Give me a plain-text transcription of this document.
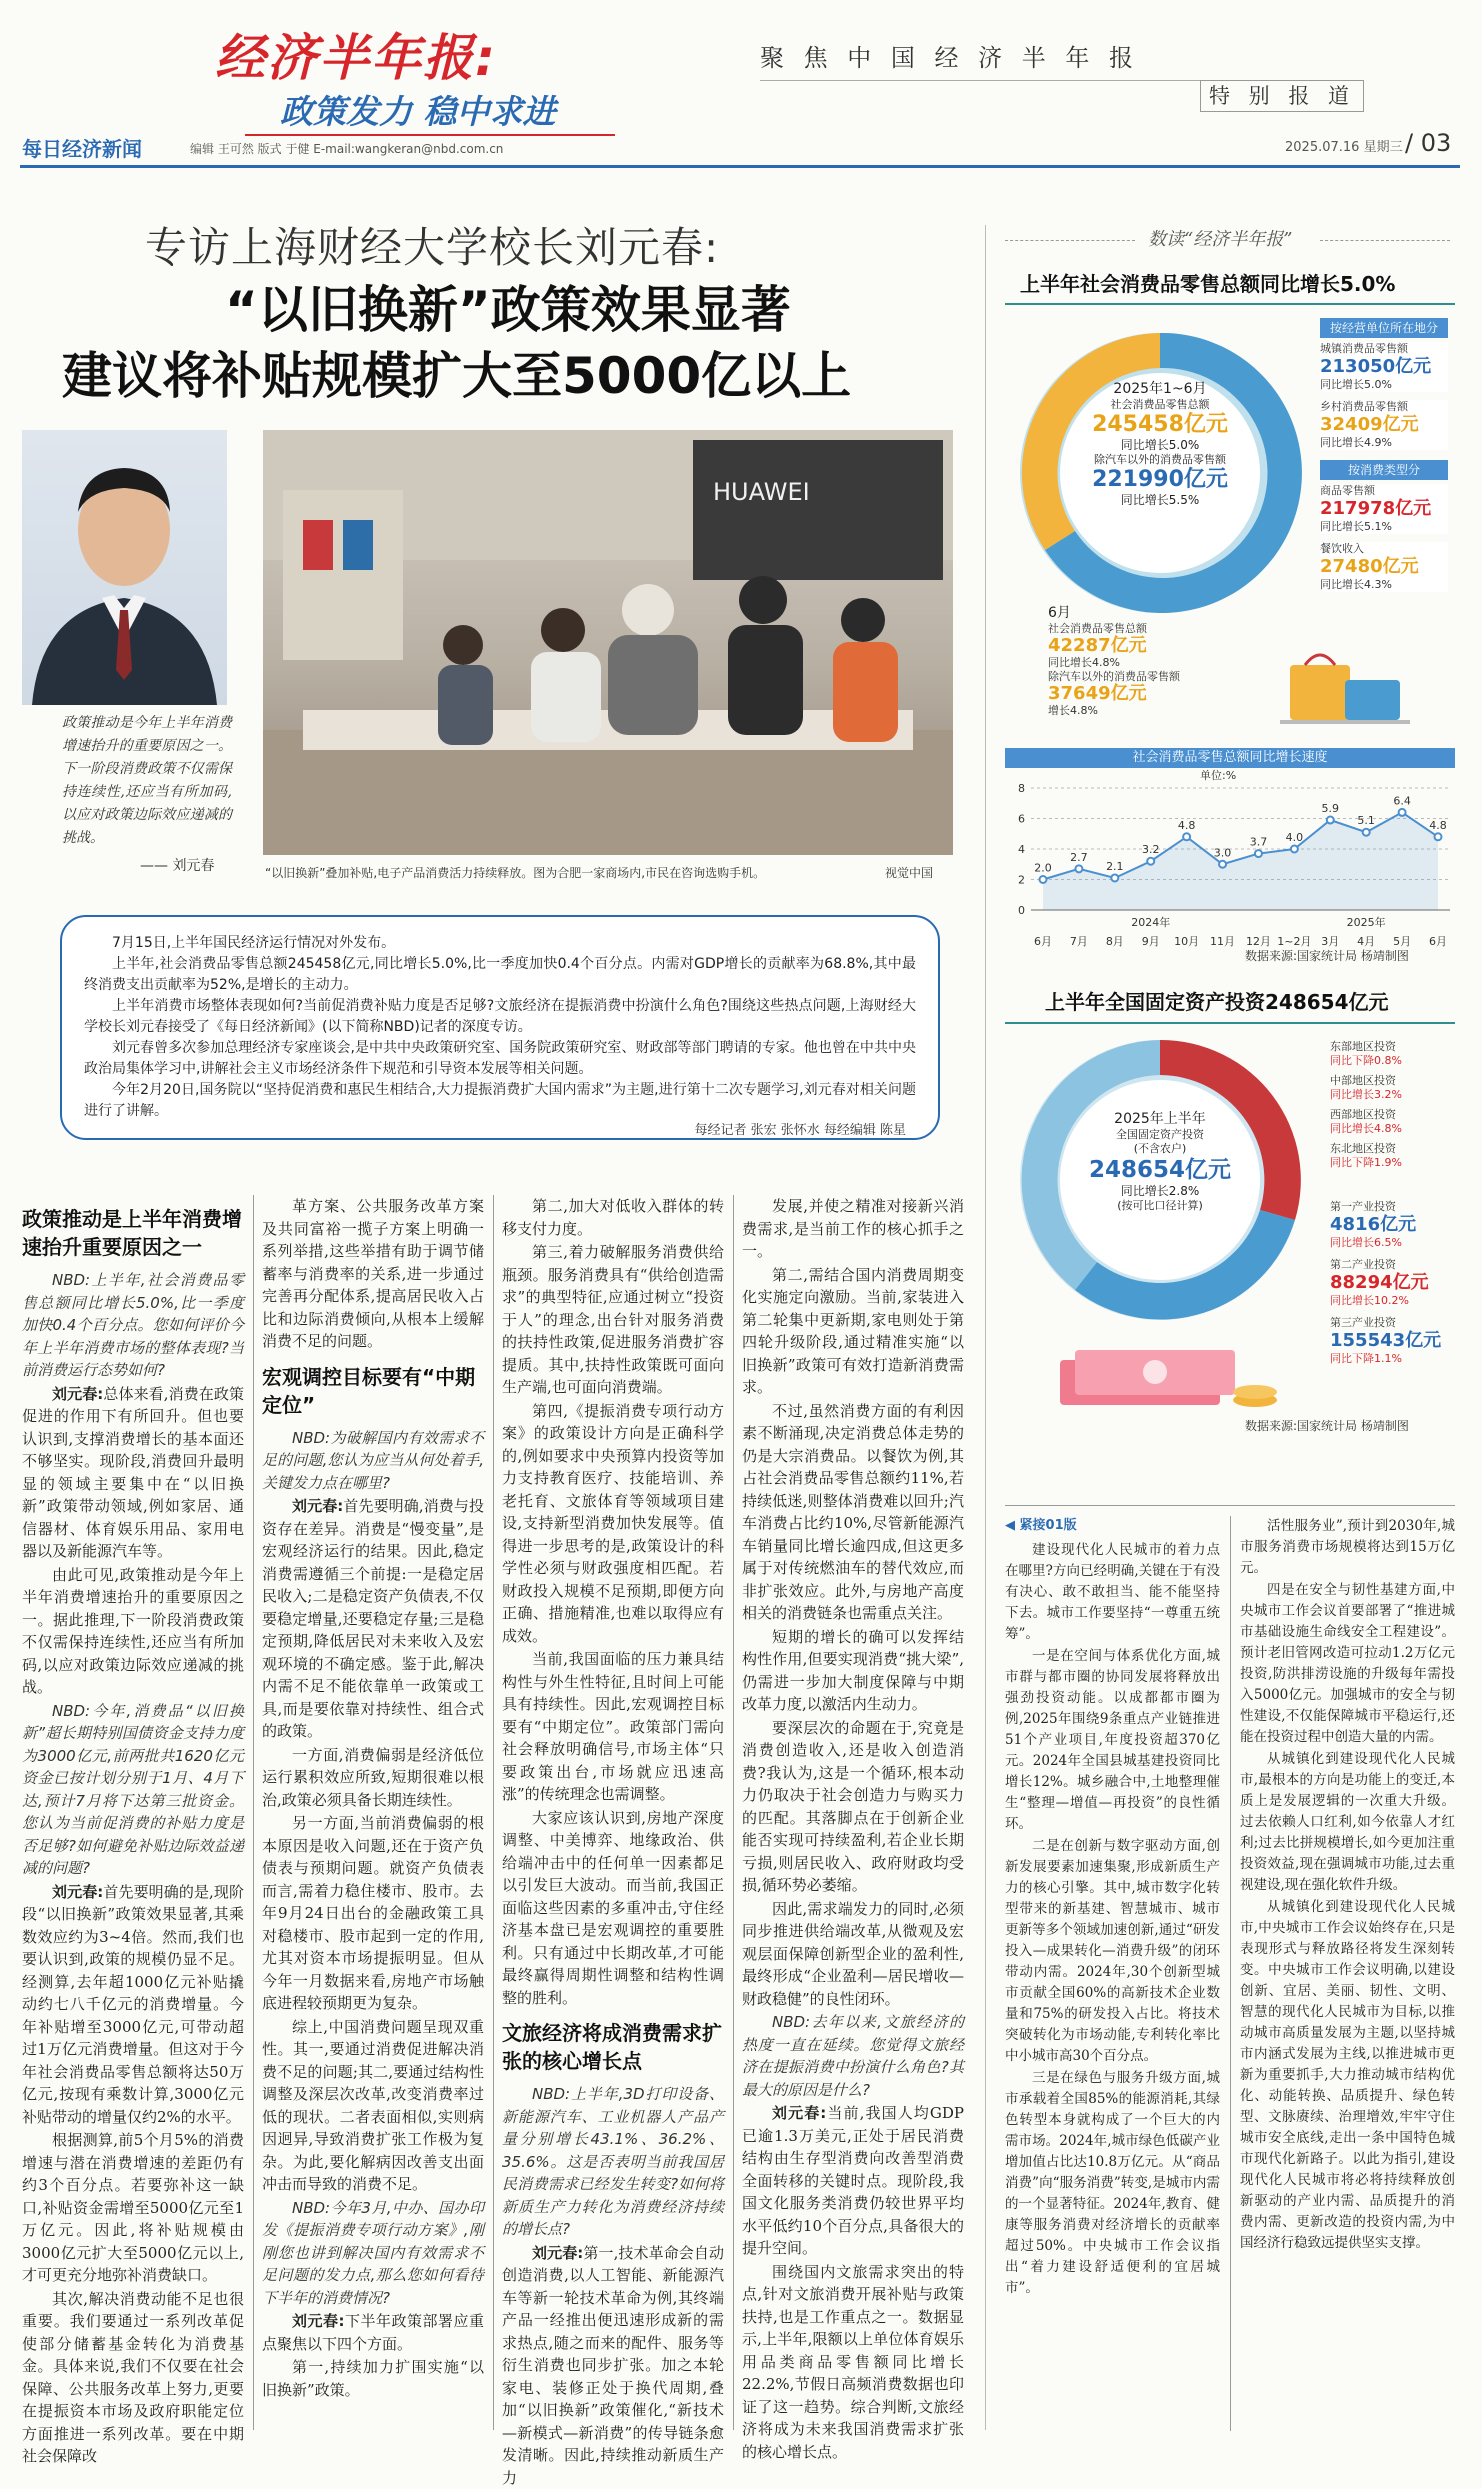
经济半年报:
政策发力 稳中求进
聚 焦 中 国 经 济 半 年 报
特 别 报 道
每日经济新闻	编辑 王可然 版式 于健 E-mail:wangkeran@nbd.com.cn	2025.07.16 星期三 / 03
专访上海财经大学校长刘元春:
“以旧换新”政策效果显著
建议将补贴规模扩大至5000亿以上
政策推动是今年上半年消费增速抬升的重要原因之一。下一阶段消费政策不仅需保持连续性,还应当有所加码,以应对政策边际效应递减的挑战。
—— 刘元春
HUAWEI
“以旧换新”叠加补贴,电子产品消费活力持续释放。图为合肥一家商场内,市民在咨询选购手机。	视觉中国

7月15日,上半年国民经济运行情况对外发布。

上半年,社会消费品零售总额245458亿元,同比增长5.0%,比一季度加快0.4个百分点。内需对GDP增长的贡献率为68.8%,其中最终消费支出贡献率为52%,是增长的主动力。

上半年消费市场整体表现如何?当前促消费补贴力度是否足够?文旅经济在提振消费中扮演什么角色?围绕这些热点问题,上海财经大学校长刘元春接受了《每日经济新闻》(以下简称NBD)记者的深度专访。

刘元春曾多次参加总理经济专家座谈会,是中共中央政策研究室、国务院政策研究室、财政部等部门聘请的专家。他也曾在中共中央政治局集体学习中,讲解社会主义市场经济条件下规范和引导资本发展等相关问题。

今年2月20日,国务院以“坚持促消费和惠民生相结合,大力提振消费扩大国内需求”为主题,进行第十二次专题学习,刘元春对相关问题进行了讲解。

每经记者 张宏 张怀水 每经编辑 陈星
政策推动是上半年消费增速抬升重要原因之一

NBD:上半年,社会消费品零售总额同比增长5.0%,比一季度加快0.4个百分点。您如何评价今年上半年消费市场的整体表现?当前消费运行态势如何?

刘元春:总体来看,消费在政策促进的作用下有所回升。但也要认识到,支撑消费增长的基本面还不够坚实。现阶段,消费回升最明显的领域主要集中在“以旧换新”政策带动领域,例如家居、通信器材、体育娱乐用品、家用电器以及新能源汽车等。

由此可见,政策推动是今年上半年消费增速抬升的重要原因之一。据此推理,下一阶段消费政策不仅需保持连续性,还应当有所加码,以应对政策边际效应递减的挑战。

NBD:今年,消费品“以旧换新”超长期特别国债资金支持力度为3000亿元,前两批共1620亿元资金已按计划分别于1月、4月下达,预计7月将下达第三批资金。您认为当前促消费的补贴力度是否足够?如何避免补贴边际效益递减的问题?

刘元春:首先要明确的是,现阶段“以旧换新”政策效果显著,其乘数效应约为3~4倍。然而,我们也要认识到,政策的规模仍显不足。经测算,去年超1000亿元补贴撬动约七八千亿元的消费增量。今年补贴增至3000亿元,可带动超过1万亿元消费增量。但这对于今年社会消费品零售总额将达50万亿元,按现有乘数计算,3000亿元补贴带动的增量仅约2%的水平。

根据测算,前5个月5%的消费增速与潜在消费增速的差距仍有约3个百分点。若要弥补这一缺口,补贴资金需增至5000亿元至1万亿元。因此,将补贴规模由3000亿元扩大至5000亿元以上,才可更充分地弥补消费缺口。

其次,解决消费动能不足也很重要。我们要通过一系列改革促使部分储蓄基金转化为消费基金。具体来说,我们不仅要在社会保障、公共服务改革上努力,更要在提振资本市场及政府职能定位方面推进一系列改革。要在中期社会保障改

革方案、公共服务改革方案及共同富裕一揽子方案上明确一系列举措,这些举措有助于调节储蓄率与消费率的关系,进一步通过完善再分配体系,提高居民收入占比和边际消费倾向,从根本上缓解消费不足的问题。

宏观调控目标要有“中期定位”

NBD:为破解国内有效需求不足的问题,您认为应当从何处着手,关键发力点在哪里?

刘元春:首先要明确,消费与投资存在差异。消费是“慢变量”,是宏观经济运行的结果。因此,稳定消费需遵循三个前提:一是稳定居民收入;二是稳定资产负债表,不仅要稳定增量,还要稳定存量;三是稳定预期,降低居民对未来收入及宏观环境的不确定感。鉴于此,解决内需不足不能依靠单一政策或工具,而是要依靠对持续性、组合式的政策。

一方面,消费偏弱是经济低位运行累积效应所致,短期很难以根治,政策必须具备长期连续性。

另一方面,当前消费偏弱的根本原因是收入问题,还在于资产负债表与预期问题。就资产负债表而言,需着力稳住楼市、股市。去年9月24日出台的金融政策工具对稳楼市、股市起到一定的作用,尤其对资本市场提振明显。但从今年一月数据来看,房地产市场触底进程较预期更为复杂。

综上,中国消费问题呈现双重性。其一,要通过消费促进解决消费不足的问题;其二,要通过结构性调整及深层次改革,改变消费率过低的现状。二者表面相似,实则病因迥异,导致消费扩张工作极为复杂。为此,要化解病因改善支出面冲击而导致的消费不足。

NBD:今年3月,中办、国办印发《提振消费专项行动方案》,刚刚您也讲到解决国内有效需求不足问题的发力点,那么您如何看待下半年的消费情况?

刘元春:下半年政策部署应重点聚焦以下四个方面。

第一,持续加力扩围实施“以旧换新”政策。

第二,加大对低收入群体的转移支付力度。

第三,着力破解服务消费供给瓶颈。服务消费具有“供给创造需求”的典型特征,应通过树立“投资于人”的理念,出台针对服务消费的扶持性政策,促进服务消费扩容提质。其中,扶持性政策既可面向生产端,也可面向消费端。

第四,《提振消费专项行动方案》的政策设计方向是正确科学的,例如要求中央预算内投资等加力支持教育医疗、技能培训、养老托育、文旅体育等领域项目建设,支持新型消费加快发展等。值得进一步思考的是,政策设计的科学性必须与财政强度相匹配。若财政投入规模不足预期,即便方向正确、措施精准,也难以取得应有成效。

当前,我国面临的压力兼具结构性与外生性特征,且时间上可能具有持续性。因此,宏观调控目标要有“中期定位”。政策部门需向社会释放明确信号,市场主体“只要政策出台,市场就应迅速高涨”的传统理念也需调整。

大家应该认识到,房地产深度调整、中美博弈、地缘政治、供给端冲击中的任何单一因素都足以引发巨大波动。而当前,我国正面临这些因素的多重冲击,守住经济基本盘已是宏观调控的重要胜利。只有通过中长期改革,才可能最终赢得周期性调整和结构性调整的胜利。

文旅经济将成消费需求扩张的核心增长点

NBD:上半年,3D打印设备、新能源汽车、工业机器人产品产量分别增长43.1%、36.2%、35.6%。这是否表明当前我国居民消费需求已经发生转变?如何将新质生产力转化为消费经济持续的增长点?

刘元春:第一,技术革命会自动创造消费,以人工智能、新能源汽车等新一轮技术革命为例,其终端产品一经推出便迅速形成新的需求热点,随之而来的配件、服务等衍生消费也同步扩张。加之本轮家电、装修正处于换代周期,叠加“以旧换新”政策催化,“新技术—新模式—新消费”的传导链条愈发清晰。因此,持续推动新质生产力

发展,并使之精准对接新兴消费需求,是当前工作的核心抓手之一。

第二,需结合国内消费周期变化实施定向激励。当前,家装进入第二轮集中更新期,家电则处于第四轮升级阶段,通过精准实施“以旧换新”政策可有效打造新消费需求。

不过,虽然消费方面的有利因素不断涌现,决定消费总体走势的仍是大宗消费品。以餐饮为例,其占社会消费品零售总额约11%,若持续低迷,则整体消费难以回升;汽车消费占比约10%,尽管新能源汽车销量同比增长逾四成,但这更多属于对传统燃油车的替代效应,而非扩张效应。此外,与房地产高度相关的消费链条也需重点关注。

短期的增长的确可以发挥结构性作用,但要实现消费“挑大梁”,仍需进一步加大制度保障与中期改革力度,以激活内生动力。

要深层次的命题在于,究竟是消费创造收入,还是收入创造消费?我认为,这是一个循环,根本动力仍取决于社会创造力与购买力的匹配。其落脚点在于创新企业能否实现可持续盈利,若企业长期亏损,则居民收入、政府财政均受损,循环势必萎缩。

因此,需求端发力的同时,必须同步推进供给端改革,从微观及宏观层面保障创新型企业的盈利性,最终形成“企业盈利—居民增收—财政稳健”的良性闭环。

NBD:去年以来,文旅经济的热度一直在延续。您觉得文旅经济在提振消费中扮演什么角色?其最大的原因是什么?

刘元春:当前,我国人均GDP已逾1.3万美元,正处于居民消费结构由生存型消费向改善型消费全面转移的关键时点。现阶段,我国文化服务类消费仍较世界平均水平低约10个百分点,具备很大的提升空间。

围绕国内文旅需求突出的特点,针对文旅消费开展补贴与政策扶持,也是工作重点之一。数据显示,上半年,限额以上单位体育娱乐用品类商品零售额同比增长22.2%,节假日高频消费数据也印证了这一趋势。综合判断,文旅经济将成为未来我国消费需求扩张的核心增长点。

数读“经济半年报”
上半年社会消费品零售总额同比增长5.0%
2025年1~6月
社会消费品零售总额
245458亿元
同比增长5.0%
除汽车以外的消费品零售额
221990亿元
同比增长5.5%
按经营单位所在地分
城镇消费品零售额
213050亿元
同比增长5.0%
乡村消费品零售额
32409亿元
同比增长4.9%
按消费类型分
商品零售额
217978亿元
同比增长5.1%
餐饮收入
27480亿元
同比增长4.3%
6月
社会消费品零售总额
42287亿元
同比增长4.8%
除汽车以外的消费品零售额
37649亿元
增长4.8%
社会消费品零售总额同比增长速度
单位:%
0
2
4
6
8
2.0
6月
2.7
7月
2.1
8月
3.2
9月
4.8
10月
3.0
11月
3.7
12月
4.0
1~2月
5.9
3月
5.1
4月
6.4
5月
4.8
6月
2024年	2025年
数据来源:国家统计局 杨靖制图
上半年全国固定资产投资248654亿元
2025年上半年
全国固定资产投资
(不含农户)
248654亿元
同比增长2.8%
(按可比口径计算)
东部地区投资
同比下降0.8%
中部地区投资
同比增长3.2%
西部地区投资
同比增长4.8%
东北地区投资
同比下降1.9%
第一产业投资
4816亿元
同比增长6.5%
第二产业投资
88294亿元
同比增长10.2%
第三产业投资
155543亿元
同比下降1.1%
数据来源:国家统计局 杨靖制图
◀ 紧接01版

建设现代化人民城市的着力点在哪里?方向已经明确,关键在于有没有决心、敢不敢担当、能不能坚持下去。城市工作要坚持“一尊重五统筹”。

一是在空间与体系优化方面,城市群与都市圈的协同发展将释放出强劲投资动能。以成都都市圈为例,2025年围绕9条重点产业链推进51个产业项目,年度投资超370亿元。2024年全国县城基建投资同比增长12%。城乡融合中,土地整理催生“整理—增值—再投资”的良性循环。

二是在创新与数字驱动方面,创新发展要素加速集聚,形成新质生产力的核心引擎。其中,城市数字化转型带来的新基建、智慧城市、城市更新等多个领域加速创新,通过“研发投入—成果转化—消费升级”的闭环带动内需。2024年,30个创新型城市贡献全国60%的高新技术企业数量和75%的研发投入占比。将技术突破转化为市场动能,专利转化率比中小城市高30个百分点。

三是在绿色与服务升级方面,城市承载着全国85%的能源消耗,其绿色转型本身就构成了一个巨大的内需市场。2024年,城市绿色低碳产业增加值占比达10.8万亿元。从“商品消费”向“服务消费”转变,是城市内需的一个显著特征。2024年,教育、健康等服务消费对经济增长的贡献率超过50%。中央城市工作会议指出“着力建设舒适便利的宜居城市”。

活性服务业”,预计到2030年,城市服务消费市场规模将达到15万亿元。

四是在安全与韧性基建方面,中央城市工作会议首要部署了“推进城市基础设施生命线安全工程建设”。预计老旧管网改造可拉动1.2万亿元投资,防洪排涝设施的升级每年需投入5000亿元。加强城市的安全与韧性建设,不仅能保障城市平稳运行,还能在投资过程中创造大量的内需。

从城镇化到建设现代化人民城市,最根本的方向是功能上的变迁,本质上是发展逻辑的一次重大升级。过去依赖人口红利,如今依靠人才红利;过去比拼规模增长,如今更加注重投资效益,现在强调城市功能,过去重视建设,现在强化软件升级。

从城镇化到建设现代化人民城市,中央城市工作会议始终存在,只是表现形式与释放路径将发生深刻转变。中央城市工作会议明确,以建设创新、宜居、美丽、韧性、文明、智慧的现代化人民城市为目标,以推动城市高质量发展为主题,以坚持城市内涵式发展为主线,以推进城市更新为重要抓手,大力推动城市结构优化、动能转换、品质提升、绿色转型、文脉赓续、治理增效,牢牢守住城市安全底线,走出一条中国特色城市现代化新路子。以此为指引,建设现代化人民城市将必将持续释放创新驱动的产业内需、品质提升的消费内需、更新改造的投资内需,为中国经济行稳致远提供坚实支撑。
